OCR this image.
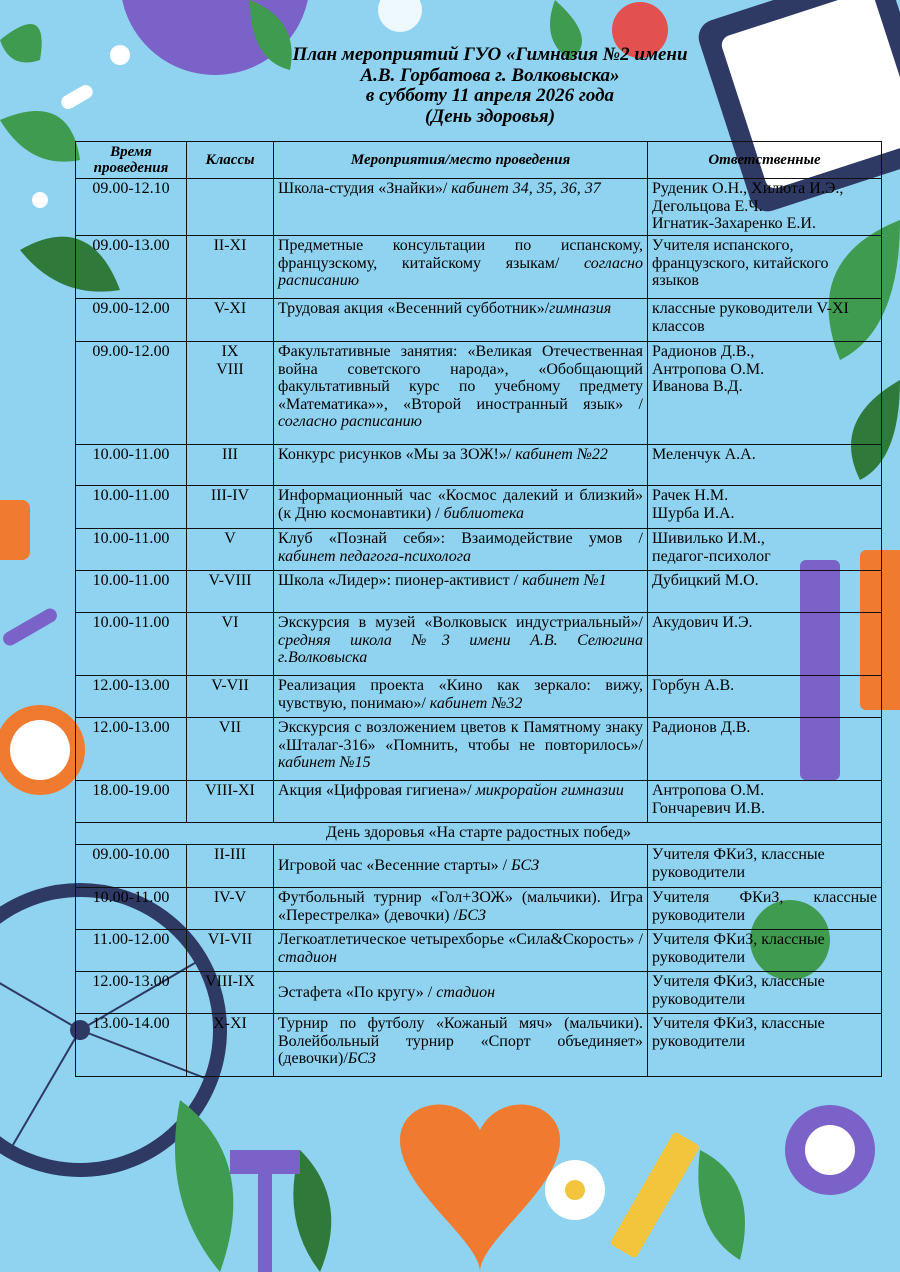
План мероприятий ГУО «Гимназия №2 имени
А.В. Горбатова г. Волковыска»
в субботу 11 апреля 2026 года
(День здоровья)
Время
проведения	Классы	Мероприятия/место проведения	Ответственные
09.00-12.10		Школа-студия «Знайки»/ кабинет 34, 35, 36, 37	Руденик О.Н., Хилюта И.Э.,
Дегольцова Е.Ч.
Игнатик-Захаренко Е.И.

09.00-13.00	II-XI	Предметные консультации по испанскому, французскому, китайскому языкам/ согласно расписанию	Учителя испанского, французского, китайского языков

09.00-12.00	V-XI	Трудовая акция «Весенний субботник»/гимназия	классные руководители V-XI классов

09.00-12.00	IX
VIII	Факультативные занятия: «Великая Отечественная война советского народа», «Обобщающий факультативный курс по учебному предмету «Математика»», «Второй иностранный язык» / согласно расписанию	Радионов Д.В.,
Антропова О.М.
Иванова В.Д.

10.00-11.00	III	Конкурс рисунков «Мы за ЗОЖ!»/ кабинет №22	Меленчук А.А.

10.00-11.00	III-IV	Информационный час «Космос далекий и близкий» (к Дню космонавтики) / библиотека	Рачек Н.М.
Шурба И.А.

10.00-11.00	V	Клуб «Познай себя»: Взаимодействие умов / кабинет педагога-психолога	Шивилько И.М.,
педагог-психолог

10.00-11.00	V-VIII	Школа «Лидер»: пионер-активист / кабинет №1	Дубицкий М.О.

10.00-11.00	VI	Экскурсия в музей «Волковыск индустриальный»/ средняя школа №3 имени А.В. Селюгина г.Волковыска	Акудович И.Э.

12.00-13.00	V-VII	Реализация проекта «Кино как зеркало: вижу, чувствую, понимаю»/ кабинет №32	Горбун А.В.

12.00-13.00	VII	Экскурсия с возложением цветов к Памятному знаку «Шталаг-316» «Помнить, чтобы не повторилось»/ кабинет №15	Радионов Д.В.

18.00-19.00	VIII-XI	Акция «Цифровая гигиена»/ микрорайон гимназии	Антропова О.М.
Гончаревич И.В.

День здоровья «На старте радостных побед»			
09.00-10.00	II-III	Игровой час «Весенние старты» / БСЗ	Учителя ФКиЗ, классные руководители

10.00-11.00	IV-V	Футбольный турнир «Гол+ЗОЖ» (мальчики). Игра «Перестрелка» (девочки) /БСЗ	Учителя ФКиЗ, классные руководители

11.00-12.00	VI-VII	Легкоатлетическое четырехборье «Сила&Скорость» /стадион	Учителя ФКиЗ, классные руководители

12.00-13.00	VIII-IX	Эстафета «По кругу» / стадион	Учителя ФКиЗ, классные руководители

13.00-14.00	X-XI	Турнир по футболу «Кожаный мяч» (мальчики). Волейбольный турнир «Спорт объединяет» (девочки)/БСЗ	Учителя ФКиЗ, классные руководители
